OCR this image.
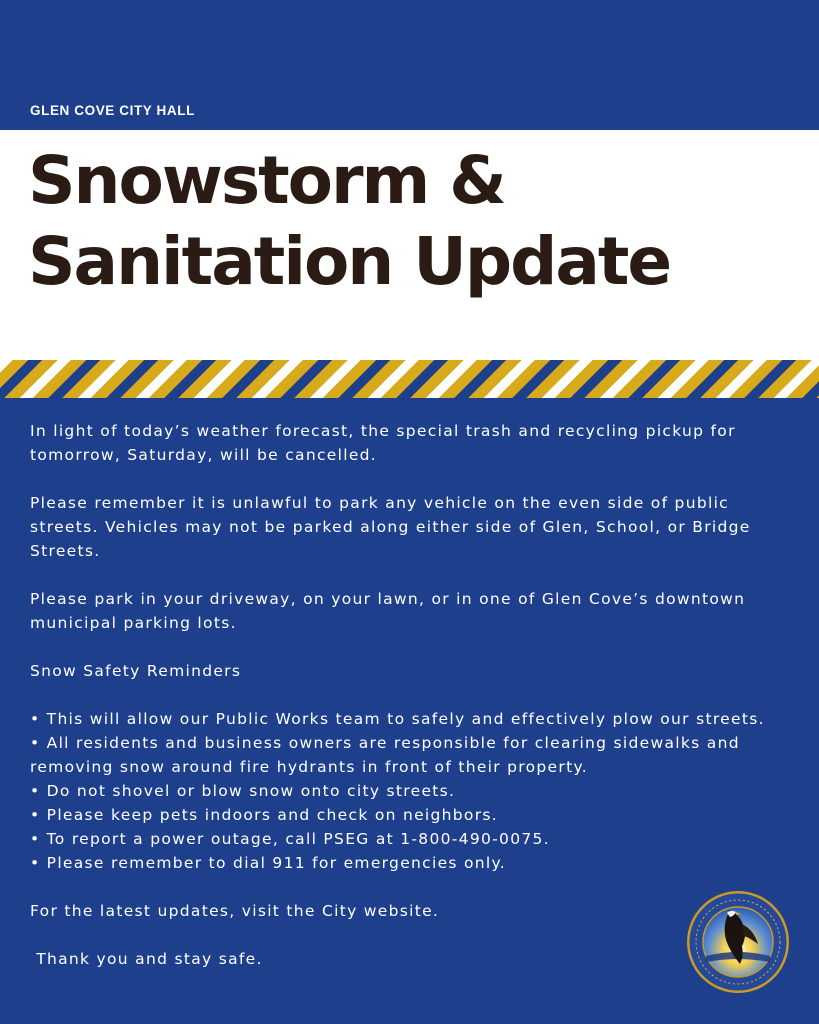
GLEN COVE CITY HALL
Snowstorm &
Sanitation Update

In light of today’s weather forecast, the special trash and recycling pickup for tomorrow, Saturday, will be cancelled.

Please remember it is unlawful to park any vehicle on the even side of public streets. Vehicles may not be parked along either side of Glen, School, or Bridge Streets.

Please park in your driveway, on your lawn, or in one of Glen Cove’s downtown municipal parking lots.

Snow Safety Reminders

• This will allow our Public Works team to safely and effectively plow our streets.
• All residents and business owners are responsible for clearing sidewalks and removing snow around fire hydrants in front of their property.
• Do not shovel or blow snow onto city streets.
• Please keep pets indoors and check on neighbors.
• To report a power outage, call PSEG at 1-800-490-0075.
• Please remember to dial 911 for emergencies only.

For the latest updates, visit the City website.

Thank you and stay safe.
